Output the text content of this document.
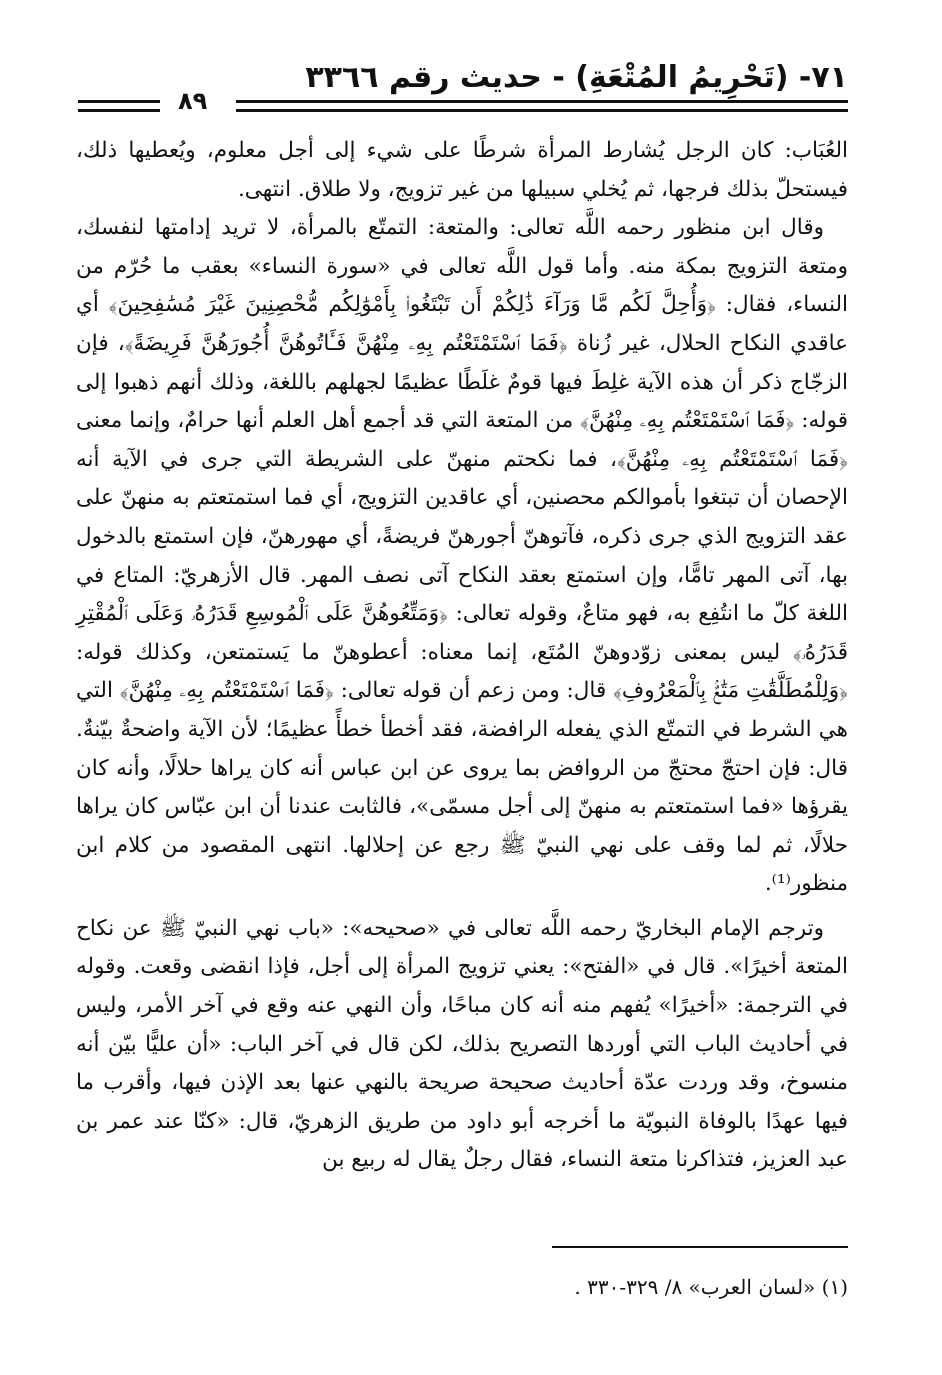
٧١- (تَحْرِيمُ المُتْعَةِ) - حديث رقم ٣٣٦٦
٨٩

العُبَاب: كان الرجل يُشارط المرأة شرطًا على شيء إلى أجل معلوم، ويُعطيها ذلك، فيستحلّ بذلك فرجها، ثم يُخلي سبيلها من غير تزويج، ولا طلاق. انتهى.

وقال ابن منظور رحمه اللَّه تعالى: والمتعة: التمتّع بالمرأة، لا تريد إدامتها لنفسك، ومتعة التزويج بمكة منه. وأما قول اللَّه تعالى في «سورة النساء» بعقب ما حُرّم من النساء، فقال: ﴿وَأُحِلَّ لَكُم مَّا وَرَآءَ ذَٰلِكُمْ أَن تَبْتَغُوا۟ بِأَمْوَٰلِكُم مُّحْصِنِينَ غَيْرَ مُسَٰفِحِينَ﴾ أي عاقدي النكاح الحلال، غير زُناة ﴿فَمَا ٱسْتَمْتَعْتُم بِهِۦ مِنْهُنَّ فَـَٔاتُوهُنَّ أُجُورَهُنَّ فَرِيضَةً﴾، فإن الزجّاج ذكر أن هذه الآية غلِطَ فيها قومٌ غلَطًا عظيمًا لجهلهم باللغة، وذلك أنهم ذهبوا إلى قوله: ﴿فَمَا ٱسْتَمْتَعْتُم بِهِۦ مِنْهُنَّ﴾ من المتعة التي قد أجمع أهل العلم أنها حرامٌ، وإنما معنى ﴿فَمَا ٱسْتَمْتَعْتُم بِهِۦ مِنْهُنَّ﴾، فما نكحتم منهنّ على الشريطة التي جرى في الآية أنه الإحصان أن تبتغوا بأموالكم محصنين، أي عاقدين التزويج، أي فما استمتعتم به منهنّ على عقد التزويج الذي جرى ذكره، فآتوهنّ أجورهنّ فريضةً، أي مهورهنّ، فإن استمتع بالدخول بها، آتى المهر تامًّا، وإن استمتع بعقد النكاح آتى نصف المهر. قال الأزهريّ: المتاع في اللغة كلّ ما انتُفِع به، فهو متاعٌ، وقوله تعالى: ﴿وَمَتِّعُوهُنَّ عَلَى ٱلْمُوسِعِ قَدَرُهُۥ وَعَلَى ٱلْمُقْتِرِ قَدَرُهُۥ﴾ ليس بمعنى زوّدوهنّ المُتَع، إنما معناه: أعطوهنّ ما يَستمتعن، وكذلك قوله: ﴿وَلِلْمُطَلَّقَٰتِ مَتَٰعٌۢ بِٱلْمَعْرُوفِ﴾ قال: ومن زعم أن قوله تعالى: ﴿فَمَا ٱسْتَمْتَعْتُم بِهِۦ مِنْهُنَّ﴾ التي هي الشرط في التمتّع الذي يفعله الرافضة، فقد أخطأ خطأً عظيمًا؛ لأن الآية واضحةٌ بيّنةٌ. قال: فإن احتجّ محتجّ من الروافض بما يروى عن ابن عباس أنه كان يراها حلالًا، وأنه كان يقرؤها «فما استمتعتم به منهنّ إلى أجل مسمّى»، فالثابت عندنا أن ابن عبّاس كان يراها حلالًا، ثم لما وقف على نهي النبيّ ﷺ رجع عن إحلالها. انتهى المقصود من كلام ابن منظور⁽¹⁾.

وترجم الإمام البخاريّ رحمه اللَّه تعالى في «صحيحه»: «باب نهي النبيّ ﷺ عن نكاح المتعة أخيرًا». قال في «الفتح»: يعني تزويج المرأة إلى أجل، فإذا انقضى وقعت. وقوله في الترجمة: «أخيرًا» يُفهم منه أنه كان مباحًا، وأن النهي عنه وقع في آخر الأمر، وليس في أحاديث الباب التي أوردها التصريح بذلك، لكن قال في آخر الباب: «أن عليًّا بيّن أنه منسوخ، وقد وردت عدّة أحاديث صحيحة صريحة بالنهي عنها بعد الإذن فيها، وأقرب ما فيها عهدًا بالوفاة النبويّة ما أخرجه أبو داود من طريق الزهريّ، قال: «كنّا عند عمر بن عبد العزيز، فتذاكرنا متعة النساء، فقال رجلٌ يقال له ربيع بن

(١) «لسان العرب» ٨/ ٣٢٩-٣٣٠ .
